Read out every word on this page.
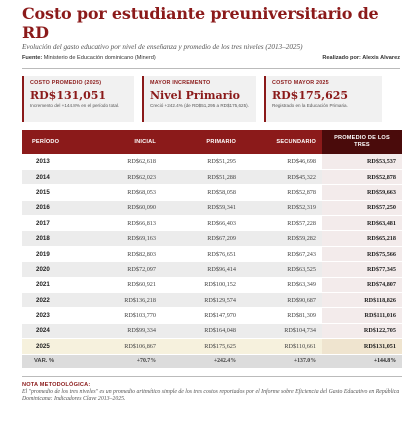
Costo por estudiante preuniversitario de RD
Evolución del gasto educativo por nivel de enseñanza y promedio de los tres niveles (2013–2025)
Fuente: Ministerio de Educación dominicano (Minerd)	Realizado por: Alexis Alvarez
COSTO PROMEDIO (2025)
RD$131,051
Incremento del +144.8% en el período total.
MAYOR INCREMENTO
Nivel Primario
Creció +242.4% (de RD$51,295 a RD$175,625).
COSTO MAYOR 2025
RD$175,625
Registrado en la Educación Primaria.
PERÍODO	INICIAL	PRIMARIO	SECUNDARIO	PROMEDIO DE LOS TRES
2013	RD$62,618	RD$51,295	RD$46,698	RD$53,537
2014	RD$62,023	RD$51,288	RD$45,322	RD$52,878
2015	RD$68,053	RD$58,058	RD$52,878	RD$59,663
2016	RD$60,090	RD$59,341	RD$52,319	RD$57,250
2017	RD$66,813	RD$66,403	RD$57,228	RD$63,481
2018	RD$69,163	RD$67,209	RD$59,282	RD$65,218
2019	RD$82,803	RD$76,651	RD$67,243	RD$75,566
2020	RD$72,097	RD$96,414	RD$63,525	RD$77,345
2021	RD$60,921	RD$100,152	RD$63,349	RD$74,807
2022	RD$136,218	RD$129,574	RD$90,687	RD$118,826
2023	RD$103,770	RD$147,970	RD$81,309	RD$111,016
2024	RD$99,334	RD$164,048	RD$104,734	RD$122,705
2025	RD$106,867	RD$175,625	RD$110,661	RD$131,051
VAR. %	+70.7%	+242.4%	+137.0%	+144.8%
NOTA METODOLÓGICA:
El "promedio de los tres niveles" es un promedio aritmético simple de los tres costos reportados por el Informe sobre Eficiencia del Gasto Educativo en República Dominicana: Indicadores Clave 2013–2025.
